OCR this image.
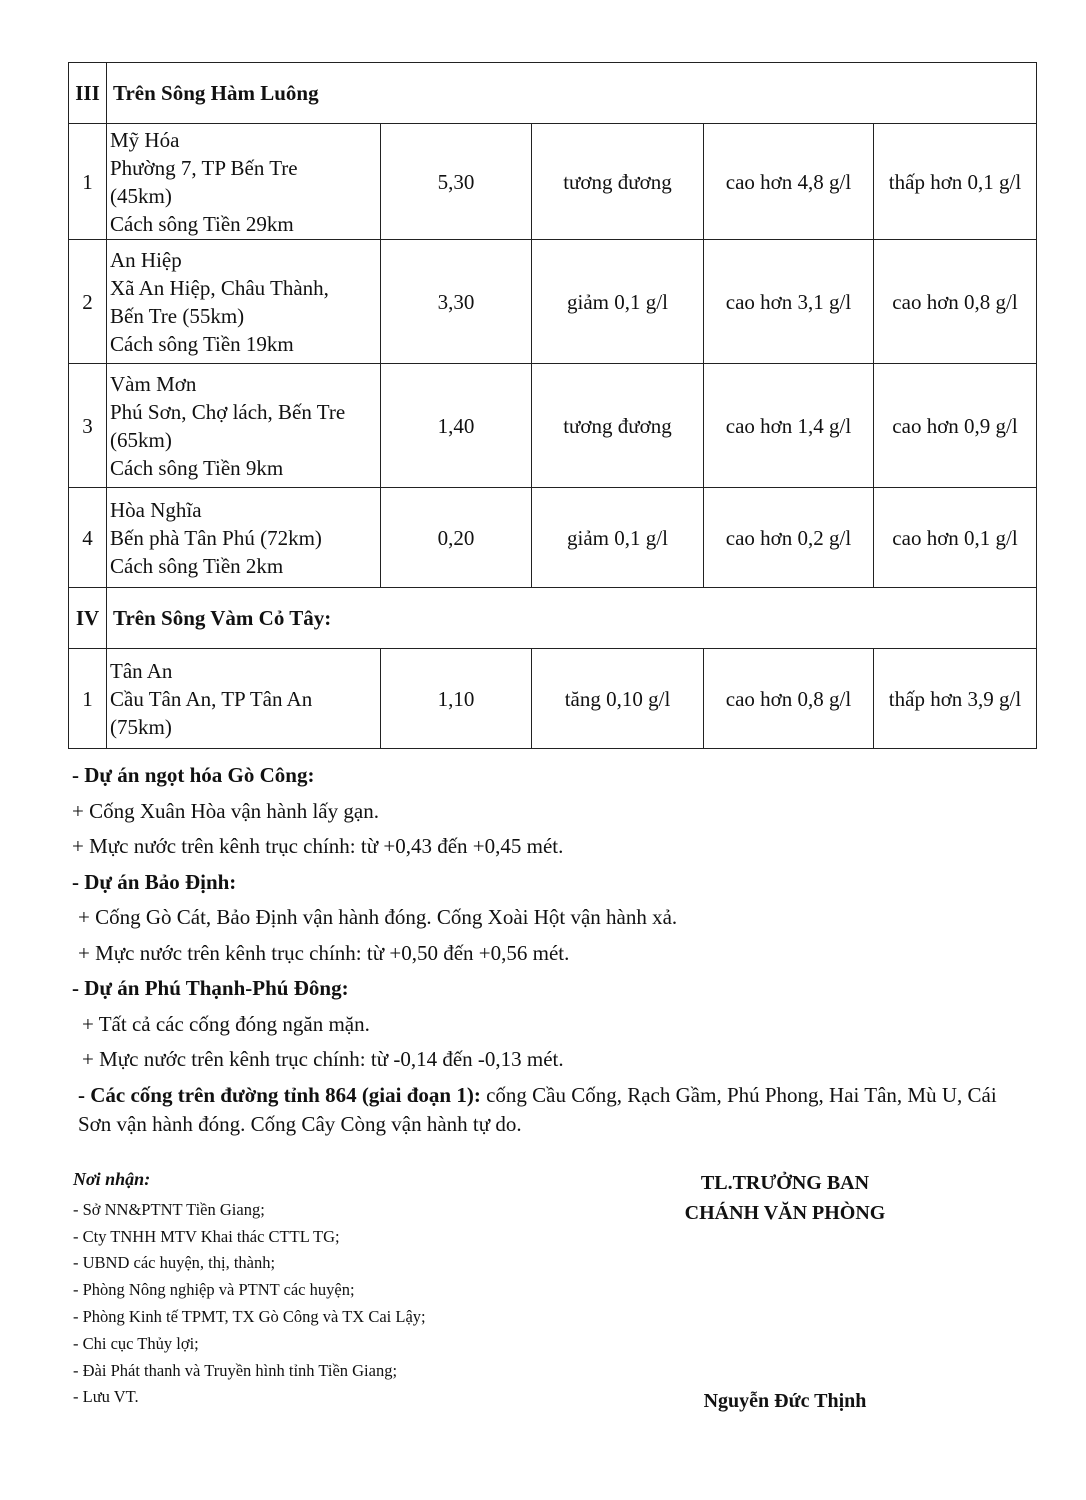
III	Trên Sông Hàm Luông				
1	Mỹ Hóa
Phường 7, TP Bến Tre
(45km)
Cách sông Tiền 29km	5,30	tương đương	cao hơn 4,8 g/l	thấp hơn 0,1 g/l
2	An Hiệp
Xã An Hiệp, Châu Thành,
Bến Tre (55km)
Cách sông Tiền 19km	3,30	giảm 0,1 g/l	cao hơn 3,1 g/l	cao hơn 0,8 g/l
3	Vàm Mơn
Phú Sơn, Chợ lách, Bến Tre
(65km)
Cách sông Tiền 9km	1,40	tương đương	cao hơn 1,4 g/l	cao hơn 0,9 g/l
4	Hòa Nghĩa
Bến phà Tân Phú (72km)
Cách sông Tiền 2km	0,20	giảm 0,1 g/l	cao hơn 0,2 g/l	cao hơn 0,1 g/l
IV	Trên Sông Vàm Cỏ Tây:				
1	Tân An
Cầu Tân An, TP Tân An
(75km)	1,10	tăng 0,10 g/l	cao hơn 0,8 g/l	thấp hơn 3,9 g/l
- Dự án ngọt hóa Gò Công:
+ Cống Xuân Hòa vận hành lấy gạn.
+ Mực nước trên kênh trục chính: từ +0,43 đến +0,45 mét.
- Dự án Bảo Định:
+ Cống Gò Cát, Bảo Định vận hành đóng. Cống Xoài Hột vận hành xả.
+ Mực nước trên kênh trục chính: từ +0,50 đến +0,56 mét.
- Dự án Phú Thạnh-Phú Đông:
+ Tất cả các cống đóng ngăn mặn.
+ Mực nước trên kênh trục chính: từ -0,14 đến -0,13 mét.
- Các cống trên đường tỉnh 864 (giai đoạn 1): cống Cầu Cống, Rạch Gầm, Phú Phong, Hai Tân, Mù U, Cái Sơn vận hành đóng. Cống Cây Còng vận hành tự do.
Nơi nhận:
- Sở NN&PTNT Tiền Giang;
- Cty TNHH MTV Khai thác CTTL TG;
- UBND các huyện, thị, thành;
- Phòng Nông nghiệp và PTNT các huyện;
- Phòng Kinh tế TPMT, TX Gò Công và TX Cai Lậy;
- Chi cục Thủy lợi;
- Đài Phát thanh và Truyền hình tỉnh Tiền Giang;
- Lưu VT.
TL.TRƯỞNG BAN
CHÁNH VĂN PHÒNG
Nguyễn Đức Thịnh
